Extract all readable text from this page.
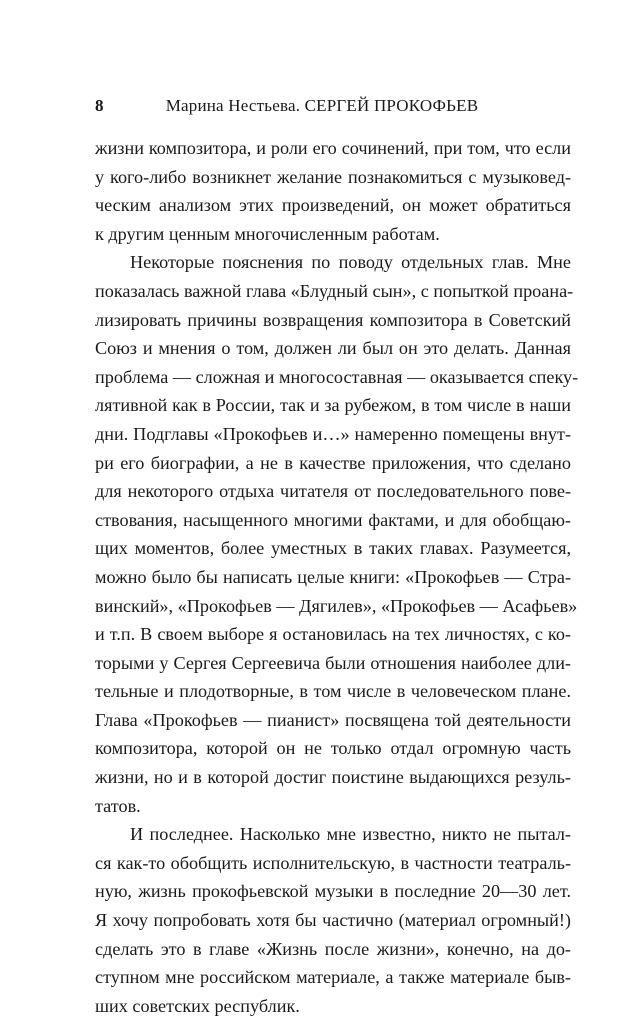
8	Марина Нестьева. СЕРГЕЙ ПРОКОФЬЕВ
жизни композитора, и роли его сочинений, при том, что если
у кого-либо возникнет желание познакомиться с музыковед-
ческим анализом этих произведений, он может обратиться
к другим ценным многочисленным работам.
Некоторые пояснения по поводу отдельных глав. Мне
показалась важной глава «Блудный сын», с попыткой проана-
лизировать причины возвращения композитора в Советский
Союз и мнения о том, должен ли был он это делать. Данная
проблема — сложная и многосоставная — оказывается спеку-
лятивной как в России, так и за рубежом, в том числе в наши
дни. Подглавы «Прокофьев и…» намеренно помещены внут-
ри его биографии, а не в качестве приложения, что сделано
для некоторого отдыха читателя от последовательного пове-
ствования, насыщенного многими фактами, и для обобщаю-
щих моментов, более уместных в таких главах. Разумеется,
можно было бы написать целые книги: «Прокофьев — Стра-
винский», «Прокофьев — Дягилев», «Прокофьев — Асафьев»
и т.п. В своем выборе я остановилась на тех личностях, с ко-
торыми у Сергея Сергеевича были отношения наиболее дли-
тельные и плодотворные, в том числе в человеческом плане.
Глава «Прокофьев — пианист» посвящена той деятельности
композитора, которой он не только отдал огромную часть
жизни, но и в которой достиг поистине выдающихся резуль-
татов.
И последнее. Насколько мне известно, никто не пытал-
ся как-то обобщить исполнительскую, в частности театраль-
ную, жизнь прокофьевской музыки в последние 20—30 лет.
Я хочу попробовать хотя бы частично (материал огромный!)
сделать это в главе «Жизнь после жизни», конечно, на до-
ступном мне российском материале, а также материале быв-
ших советских республик.
